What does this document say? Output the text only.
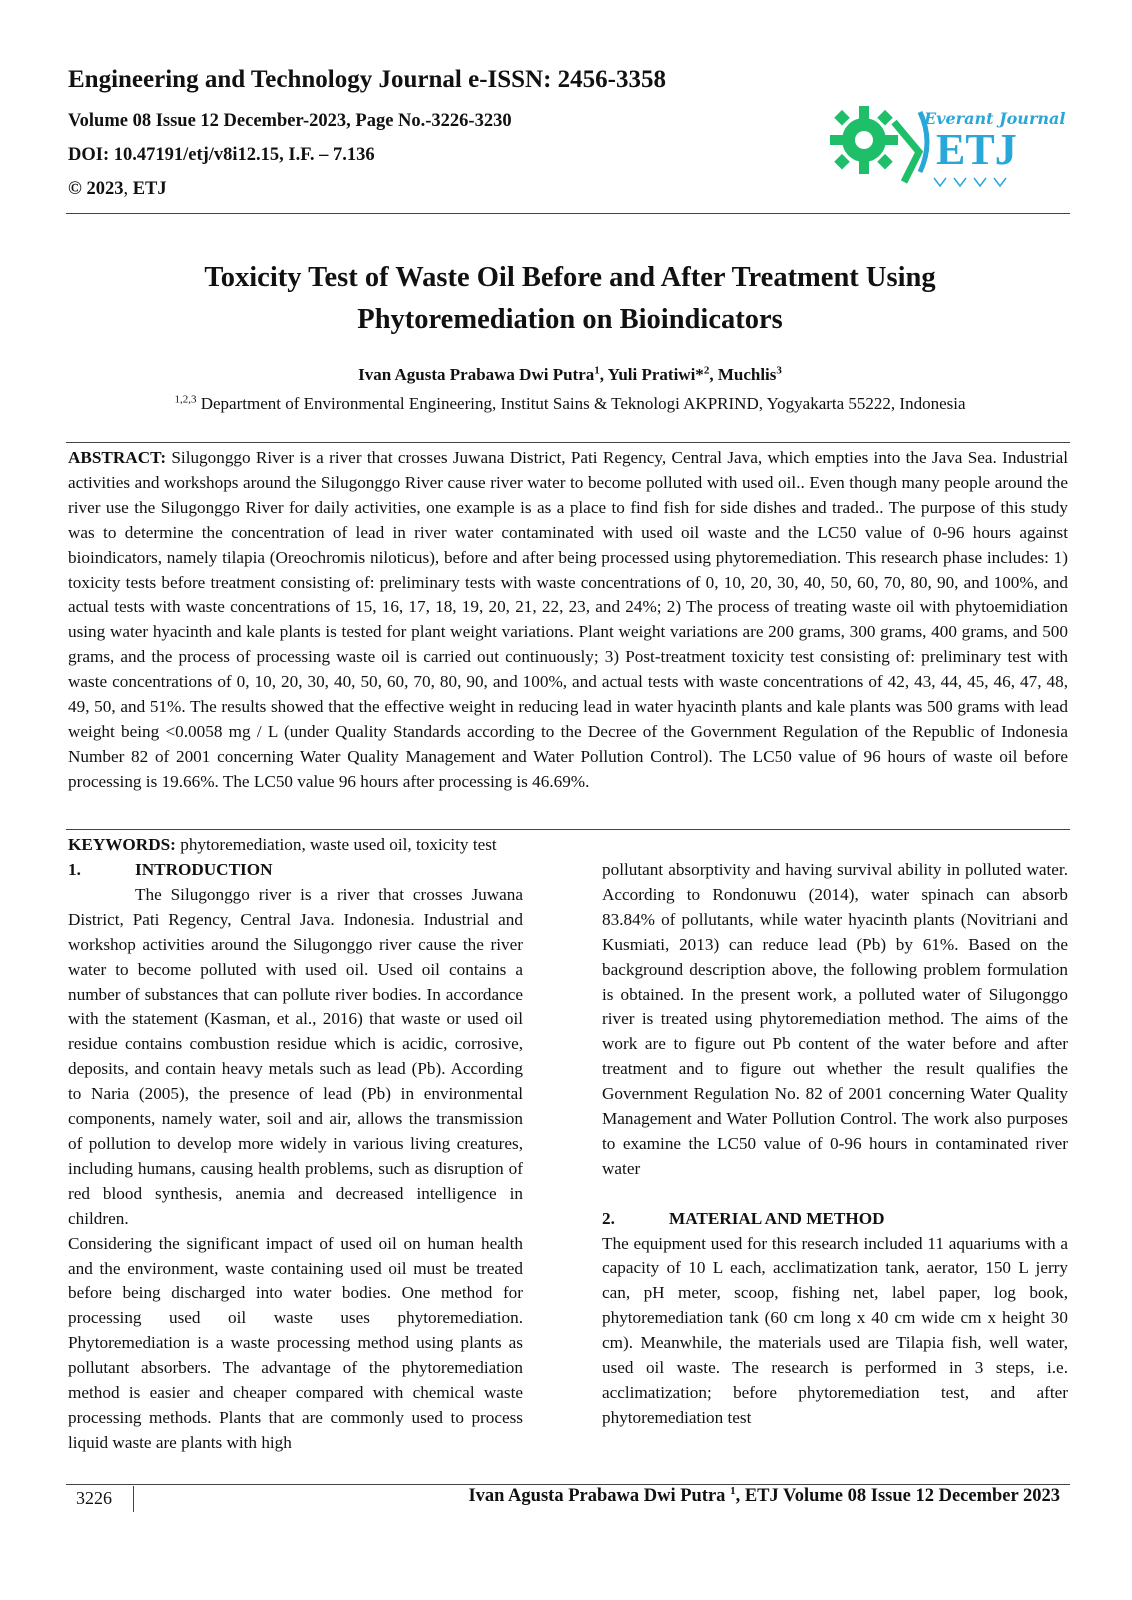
Engineering and Technology Journal e-ISSN: 2456-3358

Volume 08 Issue 12 December-2023, Page No.-3226-3230

DOI: 10.47191/etj/v8i12.15, I.F. – 7.136

© 2023, ETJ

Everant Journal
ETJ
Toxicity Test of Waste Oil Before and After Treatment Using
Phytoremediation on Bioindicators

Ivan Agusta Prabawa Dwi Putra$^1$, Yuli Pratiwi*$^2$, Muchlis$^3$

$^{1,2,3}$ Department of Environmental Engineering, Institut Sains & Teknologi AKPRIND, Yogyakarta 55222, Indonesia

ABSTRACT: Silugonggo River is a river that crosses Juwana District, Pati Regency, Central Java, which empties into the Java Sea. Industrial activities and workshops around the Silugonggo River cause river water to become polluted with used oil.. Even though many people around the river use the Silugonggo River for daily activities, one example is as a place to find fish for side dishes and traded.. The purpose of this study was to determine the concentration of lead in river water contaminated with used oil waste and the LC50 value of 0-96 hours against bioindicators, namely tilapia (Oreochromis niloticus), before and after being processed using phytoremediation. This research phase includes: 1) toxicity tests before treatment consisting of: preliminary tests with waste concentrations of 0, 10, 20, 30, 40, 50, 60, 70, 80, 90, and 100%, and actual tests with waste concentrations of 15, 16, 17, 18, 19, 20, 21, 22, 23, and 24%; 2) The process of treating waste oil with phytoemidiation using water hyacinth and kale plants is tested for plant weight variations. Plant weight variations are 200 grams, 300 grams, 400 grams, and 500 grams, and the process of processing waste oil is carried out continuously; 3) Post-treatment toxicity test consisting of: preliminary test with waste concentrations of 0, 10, 20, 30, 40, 50, 60, 70, 80, 90, and 100%, and actual tests with waste concentrations of 42, 43, 44, 45, 46, 47, 48, 49, 50, and 51%. The results showed that the effective weight in reducing lead in water hyacinth plants and kale plants was 500 grams with lead weight being <0.0058 mg / L (under Quality Standards according to the Decree of the Government Regulation of the Republic of Indonesia Number 82 of 2001 concerning Water Quality Management and Water Pollution Control). The LC50 value of 96 hours of waste oil before processing is 19.66%. The LC50 value 96 hours after processing is 46.69%.

KEYWORDS: phytoremediation, waste used oil, toxicity test

1.	INTRODUCTION

The Silugonggo river is a river that crosses Juwana District, Pati Regency, Central Java. Indonesia. Industrial and workshop activities around the Silugonggo river cause the river water to become polluted with used oil. Used oil contains a number of substances that can pollute river bodies. In accordance with the statement (Kasman, et al., 2016) that waste or used oil residue contains combustion residue which is acidic, corrosive, deposits, and contain heavy metals such as lead (Pb). According to Naria (2005), the presence of lead (Pb) in environmental components, namely water, soil and air, allows the transmission of pollution to develop more widely in various living creatures, including humans, causing health problems, such as disruption of red blood synthesis, anemia and decreased intelligence in children.

Considering the significant impact of used oil on human health and the environment, waste containing used oil must be treated before being discharged into water bodies. One method for processing used oil waste uses phytoremediation. Phytoremediation is a waste processing method using plants as pollutant absorbers. The advantage of the phytoremediation method is easier and cheaper compared with chemical waste processing methods. Plants that are commonly used to process liquid waste are plants with high

pollutant absorptivity and having survival ability in polluted water. According to Rondonuwu (2014), water spinach can absorb 83.84% of pollutants, while water hyacinth plants (Novitriani and Kusmiati, 2013) can reduce lead (Pb) by 61%. Based on the background description above, the following problem formulation is obtained. In the present work, a polluted water of Silugonggo river is treated using phytoremediation method. The aims of the work are to figure out Pb content of the water before and after treatment and to figure out whether the result qualifies the Government Regulation No. 82 of 2001 concerning Water Quality Management and Water Pollution Control. The work also purposes to examine the LC50 value of 0-96 hours in contaminated river water

2.	MATERIAL AND METHOD

The equipment used for this research included 11 aquariums with a capacity of 10 L each, acclimatization tank, aerator, 150 L jerry can, pH meter, scoop, fishing net, label paper, log book, phytoremediation tank (60 cm long x 40 cm wide cm x height 30 cm). Meanwhile, the materials used are Tilapia fish, well water, used oil waste. The research is performed in 3 steps, i.e. acclimatization; before phytoremediation test, and after phytoremediation test

3226	Ivan Agusta Prabawa Dwi Putra $^1$, ETJ Volume 08 Issue 12 December 2023
